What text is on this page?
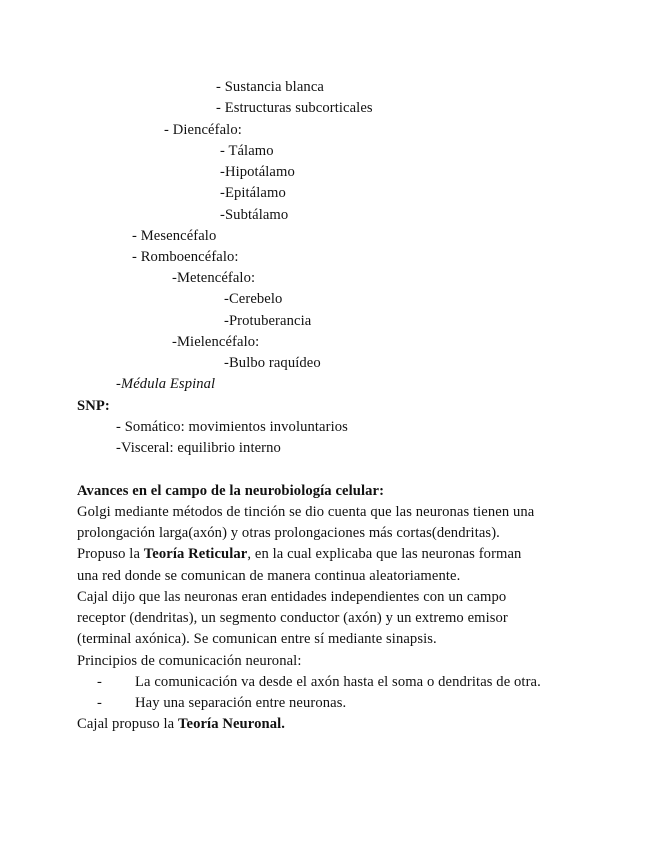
- Sustancia blanca
- Estructuras subcorticales
- Diencéfalo:
- Tálamo
-Hipotálamo
-Epitálamo
-Subtálamo
- Mesencéfalo
- Romboencéfalo:
-Metencéfalo:
-Cerebelo
-Protuberancia
-Mielencéfalo:
-Bulbo raquídeo
-Médula Espinal
SNP:
- Somático: movimientos involuntarios
-Visceral: equilibrio interno
Avances en el campo de la neurobiología celular:
Golgi mediante métodos de tinción se dio cuenta que las neuronas tienen una
prolongación larga(axón) y otras prolongaciones más cortas(dendritas).
Propuso la Teoría Reticular, en la cual explicaba que las neuronas forman
una red donde se comunican de manera continua aleatoriamente.
Cajal dijo que las neuronas eran entidades independientes con un campo
receptor (dendritas), un segmento conductor (axón) y un extremo emisor
(terminal axónica). Se comunican entre sí mediante sinapsis.
Principios de comunicación neuronal:
- La comunicación va desde el axón hasta el soma o dendritas de otra.
- Hay una separación entre neuronas.
Cajal propuso la Teoría Neuronal.
